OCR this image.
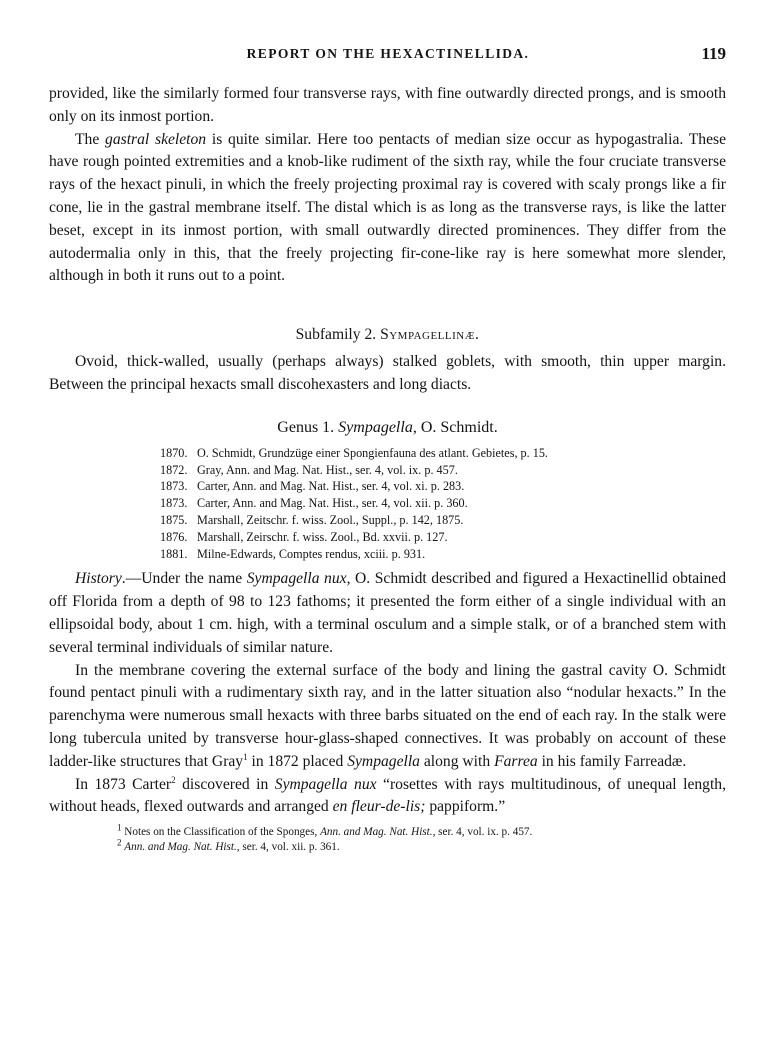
REPORT ON THE HEXACTINELLIDA.	119

provided, like the similarly formed four transverse rays, with fine outwardly directed prongs, and is smooth only on its inmost portion.

The gastral skeleton is quite similar. Here too pentacts of median size occur as hypogastralia. These have rough pointed extremities and a knob-like rudiment of the sixth ray, while the four cruciate transverse rays of the hexact pinuli, in which the freely projecting proximal ray is covered with scaly prongs like a fir cone, lie in the gastral membrane itself. The distal which is as long as the transverse rays, is like the latter beset, except in its inmost portion, with small outwardly directed prominences. They differ from the autodermalia only in this, that the freely projecting fir-cone-like ray is here somewhat more slender, although in both it runs out to a point.

Subfamily 2. Sympagellinæ.

Ovoid, thick-walled, usually (perhaps always) stalked goblets, with smooth, thin upper margin. Between the principal hexacts small discohexasters and long diacts.

Genus 1. Sympagella, O. Schmidt.
1870. O. Schmidt, Grundzüge einer Spongienfauna des atlant. Gebietes, p. 15.
1872. Gray, Ann. and Mag. Nat. Hist., ser. 4, vol. ix. p. 457.
1873. Carter, Ann. and Mag. Nat. Hist., ser. 4, vol. xi. p. 283.
1873. Carter, Ann. and Mag. Nat. Hist., ser. 4, vol. xii. p. 360.
1875. Marshall, Zeitschr. f. wiss. Zool., Suppl., p. 142, 1875.
1876. Marshall, Zeirschr. f. wiss. Zool., Bd. xxvii. p. 127.
1881. Milne-Edwards, Comptes rendus, xciii. p. 931.

History.—Under the name Sympagella nux, O. Schmidt described and figured a Hexactinellid obtained off Florida from a depth of 98 to 123 fathoms; it presented the form either of a single individual with an ellipsoidal body, about 1 cm. high, with a terminal osculum and a simple stalk, or of a branched stem with several terminal individuals of similar nature.

In the membrane covering the external surface of the body and lining the gastral cavity O. Schmidt found pentact pinuli with a rudimentary sixth ray, and in the latter situation also “nodular hexacts.” In the parenchyma were numerous small hexacts with three barbs situated on the end of each ray. In the stalk were long tubercula united by transverse hour-glass-shaped connectives. It was probably on account of these ladder-like structures that Gray$^1$ in 1872 placed Sympagella along with Farrea in his family Farreadæ.

In 1873 Carter$^2$ discovered in Sympagella nux “rosettes with rays multitudinous, of unequal length, without heads, flexed outwards and arranged en fleur-de-lis; pappiform.”

$^1$ Notes on the Classification of the Sponges, Ann. and Mag. Nat. Hist., ser. 4, vol. ix. p. 457.
$^2$ Ann. and Mag. Nat. Hist., ser. 4, vol. xii. p. 361.
